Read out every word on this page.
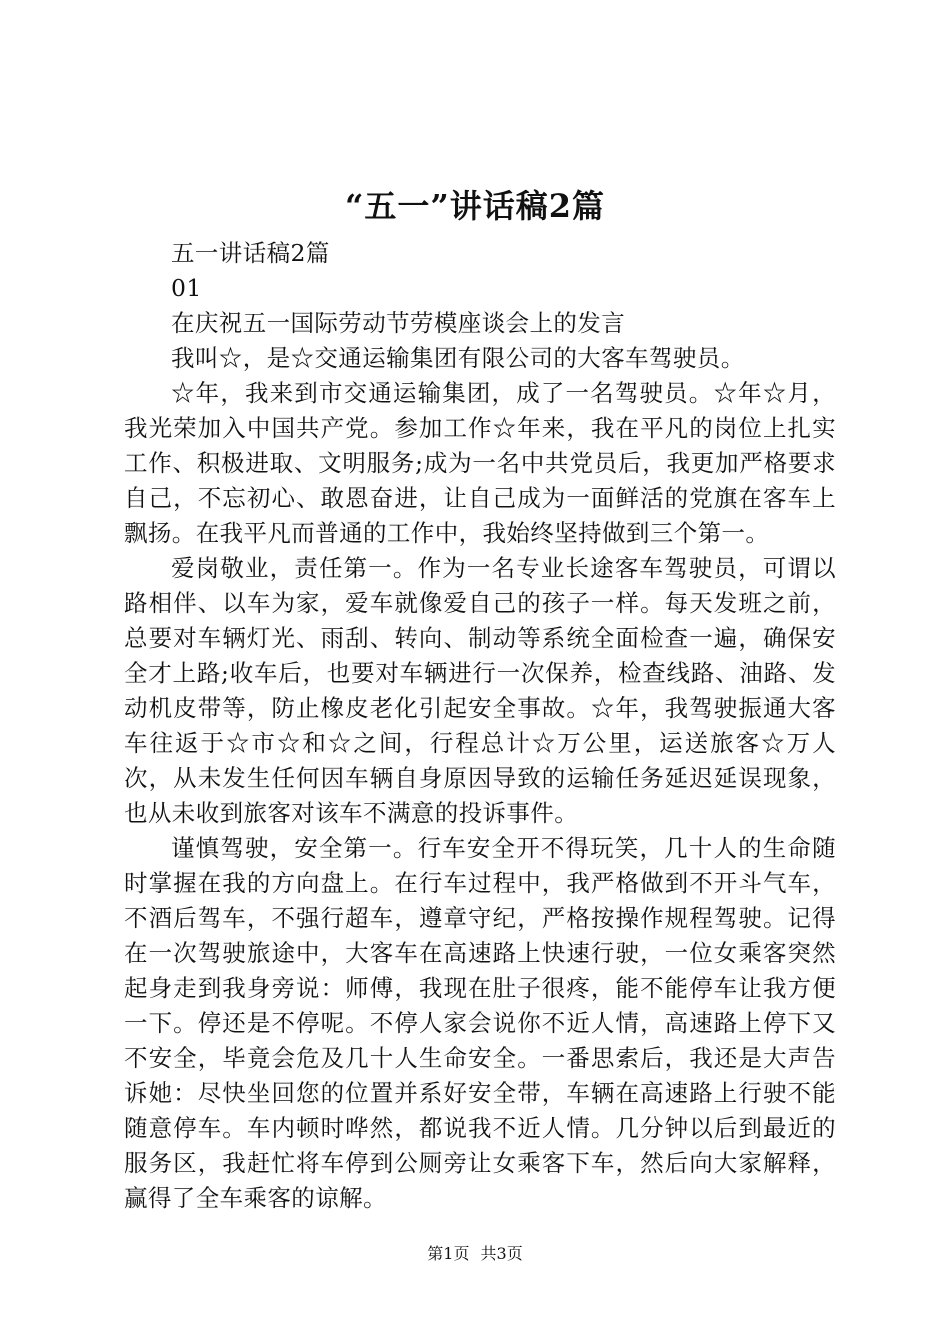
“五一”讲话稿2篇

五一讲话稿2篇

01

在庆祝五一国际劳动节劳模座谈会上的发言

我叫☆，是☆交通运输集团有限公司的大客车驾驶员。

☆年，我来到市交通运输集团，成了一名驾驶员。☆年☆月，我光荣加入中国共产党。参加工作☆年来，我在平凡的岗位上扎实工作、积极进取、文明服务;成为一名中共党员后，我更加严格要求自己，不忘初心、敢恩奋进，让自己成为一面鲜活的党旗在客车上飘扬。在我平凡而普通的工作中，我始终坚持做到三个第一。

爱岗敬业，责任第一。作为一名专业长途客车驾驶员，可谓以路相伴、以车为家，爱车就像爱自己的孩子一样。每天发班之前，总要对车辆灯光、雨刮、转向、制动等系统全面检查一遍，确保安全才上路;收车后，也要对车辆进行一次保养，检查线路、油路、发动机皮带等，防止橡皮老化引起安全事故。☆年，我驾驶振通大客车往返于☆市☆和☆之间，行程总计☆万公里，运送旅客☆万人次，从未发生任何因车辆自身原因导致的运输任务延迟延误现象，也从未收到旅客对该车不满意的投诉事件。

谨慎驾驶，安全第一。行车安全开不得玩笑，几十人的生命随时掌握在我的方向盘上。在行车过程中，我严格做到不开斗气车，不酒后驾车，不强行超车，遵章守纪，严格按操作规程驾驶。记得在一次驾驶旅途中，大客车在高速路上快速行驶，一位女乘客突然起身走到我身旁说：师傅，我现在肚子很疼，能不能停车让我方便一下。停还是不停呢。不停人家会说你不近人情，高速路上停下又不安全，毕竟会危及几十人生命安全。一番思索后，我还是大声告诉她：尽快坐回您的位置并系好安全带，车辆在高速路上行驶不能随意停车。车内顿时哗然，都说我不近人情。几分钟以后到最近的服务区，我赶忙将车停到公厕旁让女乘客下车，然后向大家解释，赢得了全车乘客的谅解。

第1页 共3页
